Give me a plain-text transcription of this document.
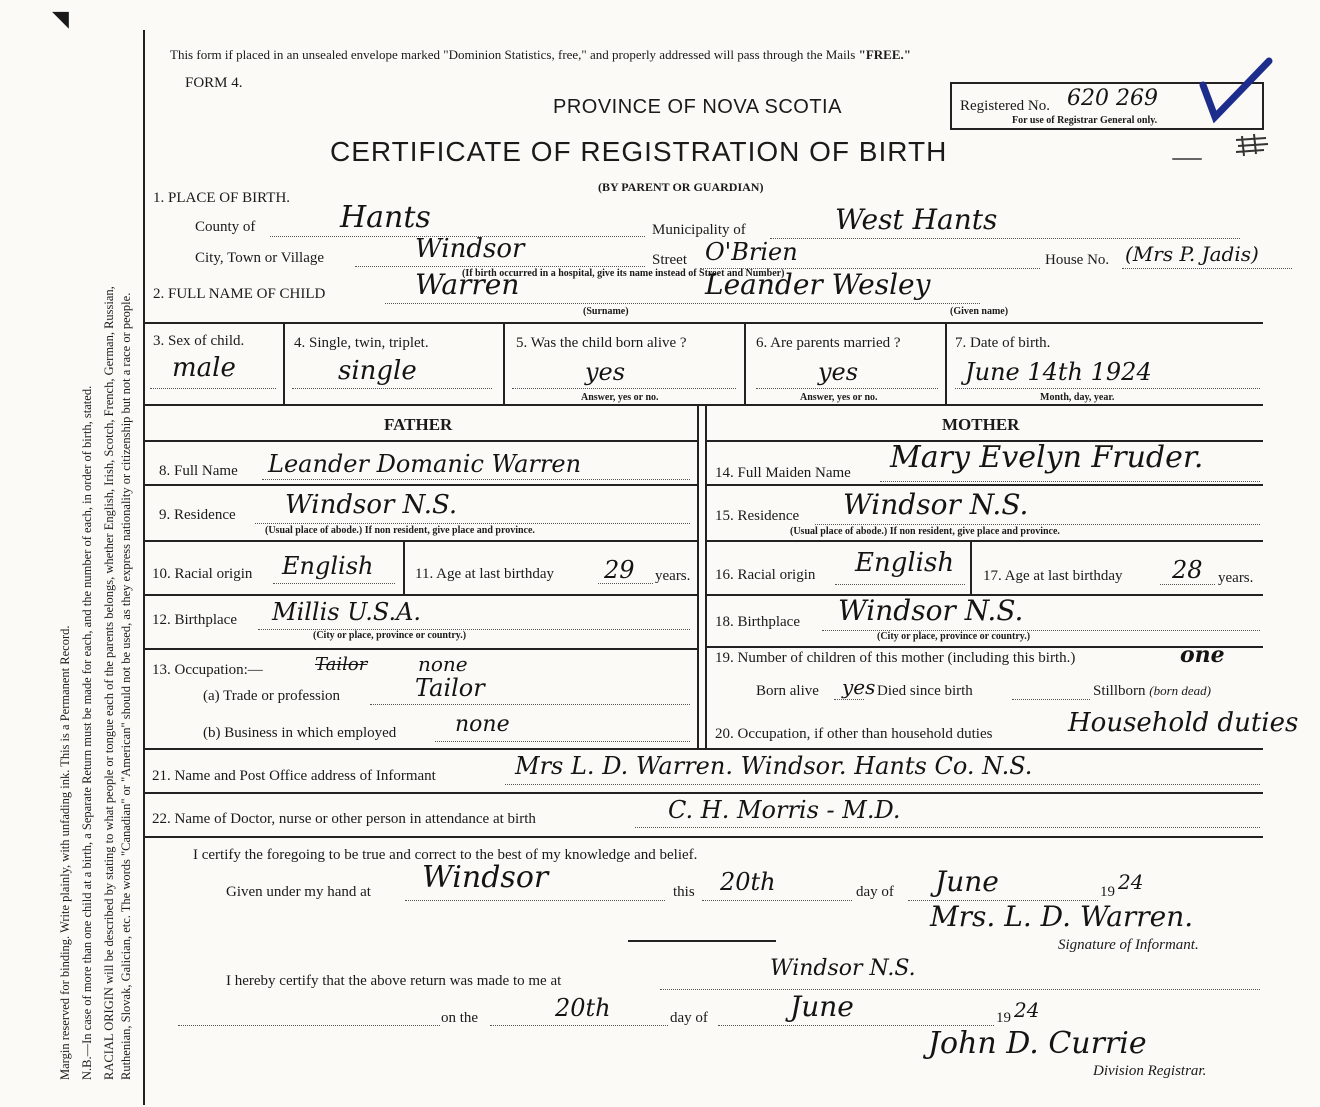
Margin reserved for binding. Write plainly, with unfading ink. This is a Permanent Record. N.B.—In case of more than one child at a birth, a Separate Return must be made for each, and the number of each, in order of birth, stated. RACIAL ORIGIN will be described by stating to what people or tongue each of the parents belongs, whether English, Irish, Scotch, French, German, Russian, Ruthenian, Slovak, Galician, etc. The words "Canadian" or "American" should not be used, as they express nationality or citizenship but not a race or people.
◥
This form if placed in an unsealed envelope marked "Dominion Statistics, free," and properly addressed will pass through the Mails "FREE."
FORM 4.
PROVINCE OF NOVA SCOTIA
CERTIFICATE OF REGISTRATION OF BIRTH
(BY PARENT OR GUARDIAN)
Registered No. 620 269
For use of Registrar General only.
1. PLACE OF BIRTH.
County of	Hants	Municipality of	West Hants
City, Town or Village	Windsor	Street O'Brien	House No. (Mrs P. Jadis)
(If birth occurred in a hospital, give its name instead of Street and Number)
2. FULL NAME OF CHILD	Warren	Leander Wesley
(Surname)	(Given name)
3. Sex of child.
male
4. Single, twin, triplet.
single
5. Was the child born alive ?
yes
Answer, yes or no.
6. Are parents married ?
yes
Answer, yes or no.
7. Date of birth.
June 14th 1924
Month, day, year.
FATHER	MOTHER
8. Full Name Leander Domanic Warren
9. Residence Windsor N.S.
(Usual place of abode.) If non resident, give place and province.
10. Racial origin English	11. Age at last birthday 29 years.
12. Birthplace Millis U.S.A.
(City or place, province or country.)
13. Occupation:—	Tailor	none
(a) Trade or profession	Tailor
(b) Business in which employed	none
14. Full Maiden Name Mary Evelyn Fruder.
15. Residence Windsor N.S.
(Usual place of abode.) If non resident, give place and province.
16. Racial origin English 17. Age at last birthday 28 years.
18. Birthplace Windsor N.S.
(City or place, province or country.)
19. Number of children of this mother (including this birth.)	one
Born alive yes Died since birth	Stillborn (born dead)
20. Occupation, if other than household duties	Household duties
21. Name and Post Office address of Informant	Mrs L. D. Warren. Windsor. Hants Co. N.S.
22. Name of Doctor, nurse or other person in attendance at birth	C. H. Morris - M.D.
I certify the foregoing to be true and correct to the best of my knowledge and belief.
Given under my hand at Windsor	this 20th	day of June	19 24
Mrs. L. D. Warren.
Signature of Informant.
I hereby certify that the above return was made to me at	Windsor N.S.
on the	20th	day of	June	19 24
John D. Currie
Division Registrar.
